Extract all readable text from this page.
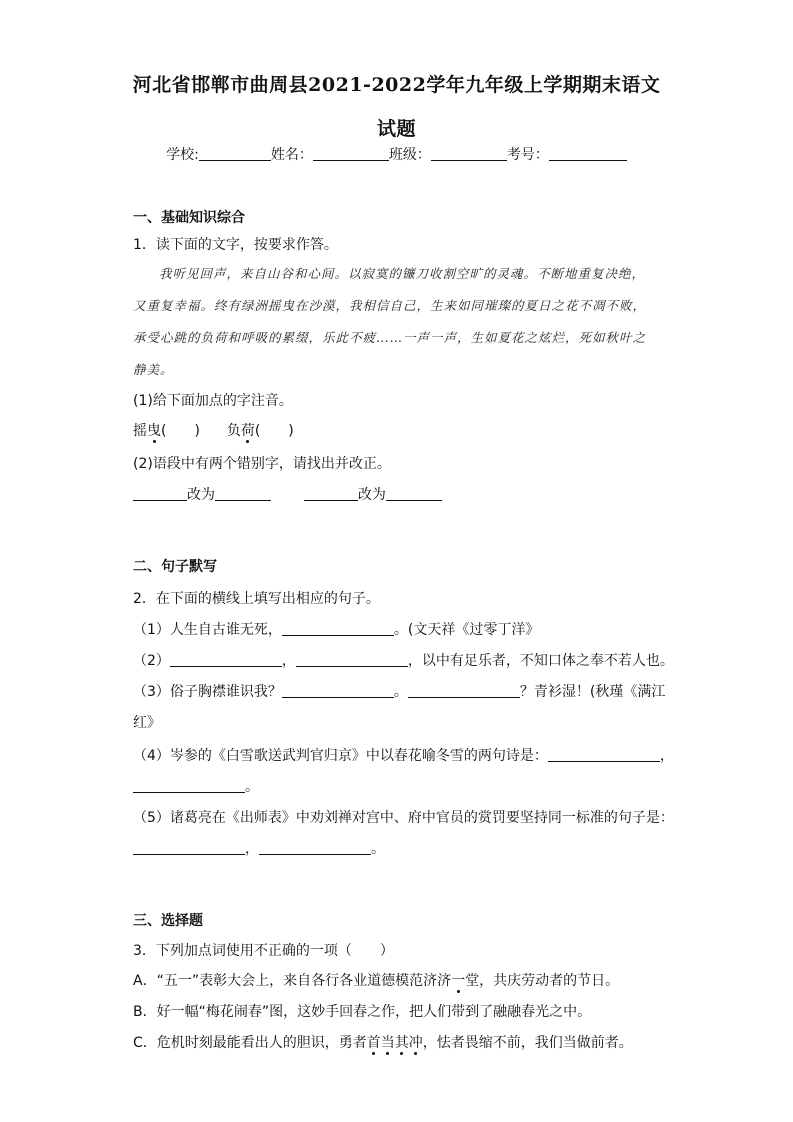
河北省邯郸市曲周县2021-2022学年九年级上学期期末语文
试题
学校:	姓名：	班级：	考号：
一、基础知识综合
1．读下面的文字，按要求作答。
我听见回声，来自山谷和心间。以寂寞的镰刀收割空旷的灵魂。不断地重复决绝，
又重复幸福。终有绿洲摇曳在沙漠，我相信自己，生来如同璀璨的夏日之花不凋不败，
承受心跳的负荷和呼吸的累缀，乐此不疲……一声一声，生如夏花之炫烂，死如秋叶之
静美。
(1)给下面加点的字注音。
摇曳(　　) 负荷(　　)
(2)语段中有两个错别字，请找出并改正。
改为	改为
二、句子默写
2．在下面的横线上填写出相应的句子。
（1）人生自古谁无死，	。(文天祥《过零丁洋》
（2）	，	，以中有足乐者，不知口体之奉不若人也。
（3）俗子胸襟谁识我？	。	？青衫湿！(秋瑾《满江
红》
（4）岑参的《白雪歌送武判官归京》中以春花喻冬雪的两句诗是：	，
。
（5）诸葛亮在《出师表》中劝刘禅对宫中、府中官员的赏罚要坚持同一标准的句子是：
，	。
三、选择题
3．下列加点词使用不正确的一项（　　）
A．“五一”表彰大会上，来自各行各业道德模范济济一堂，共庆劳动者的节日。
B．好一幅“梅花闹春”图，这妙手回春之作，把人们带到了融融春光之中。
C．危机时刻最能看出人的胆识，勇者首当其冲，怯者畏缩不前，我们当做前者。
